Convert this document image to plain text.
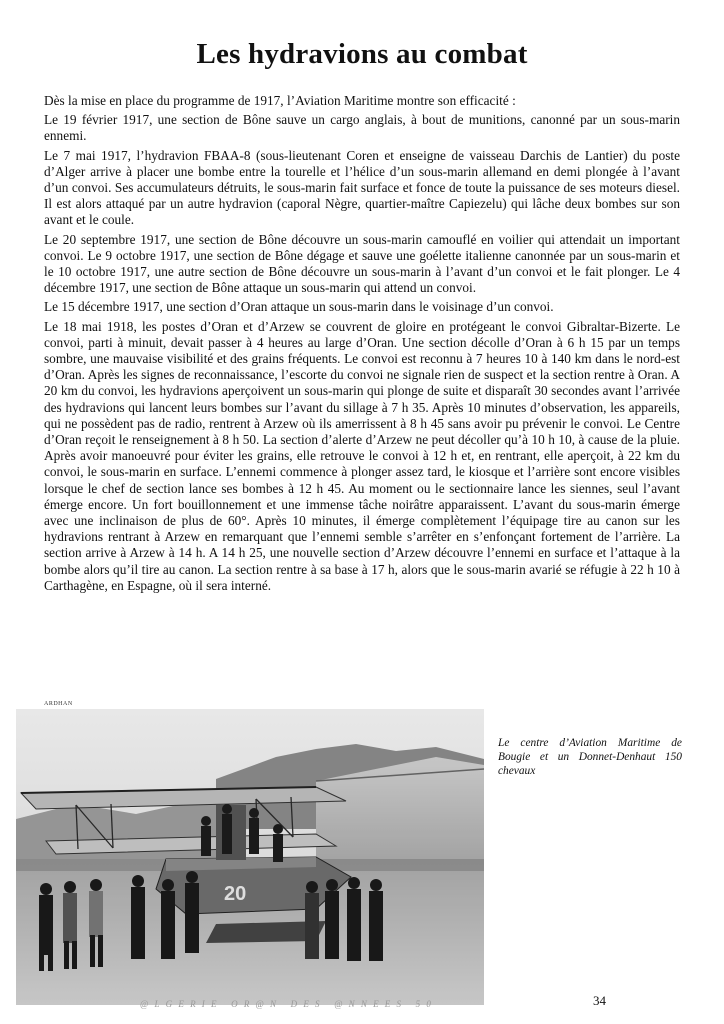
Les hydravions au combat

Dès la mise en place du programme de 1917, l’Aviation Maritime montre son efficacité :

Le 19 février 1917, une section de Bône sauve un cargo anglais, à bout de munitions, canonné par un sous-marin ennemi.

Le 7 mai 1917, l’hydravion FBAA-8 (sous-lieutenant Coren et enseigne de vaisseau Darchis de Lantier) du poste d’Alger arrive à placer une bombe entre la tourelle et l’hélice d’un sous-marin allemand en demi plongée à l’avant d’un convoi. Ses accumulateurs détruits, le sous-marin fait surface et fonce de toute la puissance de ses moteurs diesel. Il est alors attaqué par un autre hydravion (caporal Nègre, quartier-maître Capiezelu) qui lâche deux bombes sur son avant et le coule.

Le 20 septembre 1917, une section de Bône découvre un sous-marin camouflé en voilier qui attendait un important convoi. Le 9 octobre 1917, une section de Bône dégage et sauve une goélette italienne canonnée par un sous-marin et le 10 octobre 1917, une autre section de Bône découvre un sous-marin à l’avant d’un convoi et le fait plonger. Le 4 décembre 1917, une section de Bône attaque un sous-marin qui attend un convoi.

Le 15 décembre 1917, une section d’Oran attaque un sous-marin dans le voisinage d’un convoi.

Le 18 mai 1918, les postes d’Oran et d’Arzew se couvrent de gloire en protégeant le convoi Gibraltar-Bizerte. Le convoi, parti à minuit, devait passer à 4 heures au large d’Oran. Une section décolle d’Oran à 6 h 15 par un temps sombre, une mauvaise visibilité et des grains fréquents. Le convoi est reconnu à 7 heures 10 à 140 km dans le nord-est d’Oran. Après les signes de reconnaissance, l’escorte du convoi ne signale rien de suspect et la section rentre à Oran. A 20 km du convoi, les hydravions aperçoivent un sous-marin qui plonge de suite et disparaît 30 secondes avant l’arrivée des hydravions qui lancent leurs bombes sur l’avant du sillage à 7 h 35. Après 10 minutes d’observation, les appareils, qui ne possèdent pas de radio, rentrent à Arzew où ils amerrissent à 8 h 45 sans avoir pu prévenir le convoi. Le Centre d’Oran reçoit le renseignement à 8 h 50. La section d’alerte d’Arzew ne peut décoller qu’à 10 h 10, à cause de la pluie. Après avoir manoeuvré pour éviter les grains, elle retrouve le convoi à 12 h et, en rentrant, elle aperçoit, à 22 km du convoi, le sous-marin en surface. L’ennemi commence à plonger assez tard, le kiosque et l’arrière sont encore visibles lorsque le chef de section lance ses bombes à 12 h 45. Au moment ou le sectionnaire lance les siennes, seul l’avant émerge encore. Un fort bouillonnement et une immense tâche noirâtre apparaissent. L’avant du sous-marin émerge avec une inclinaison de plus de 60°. Après 10 minutes, il émerge complètement l’équipage tire au canon sur les hydravions rentrant à Arzew en remarquant que l’ennemi semble s’arrêter en s’enfonçant fortement de l’arrière. La section arrive à Arzew à 14 h. A 14 h 25, une nouvelle section d’Arzew découvre l’ennemi en surface et l’attaque à la bombe alors qu’il tire au canon. La section rentre à sa base à 17 h, alors que le sous-marin avarié se réfugie à 22 h 10 à Carthagène, en Espagne, où il sera interné.

ARDHAN
20
Le centre d’Aviation Maritime de Bougie et un Donnet-Denhaut 150 chevaux
@LGERIE OR@N DES @NNEES 50	34
